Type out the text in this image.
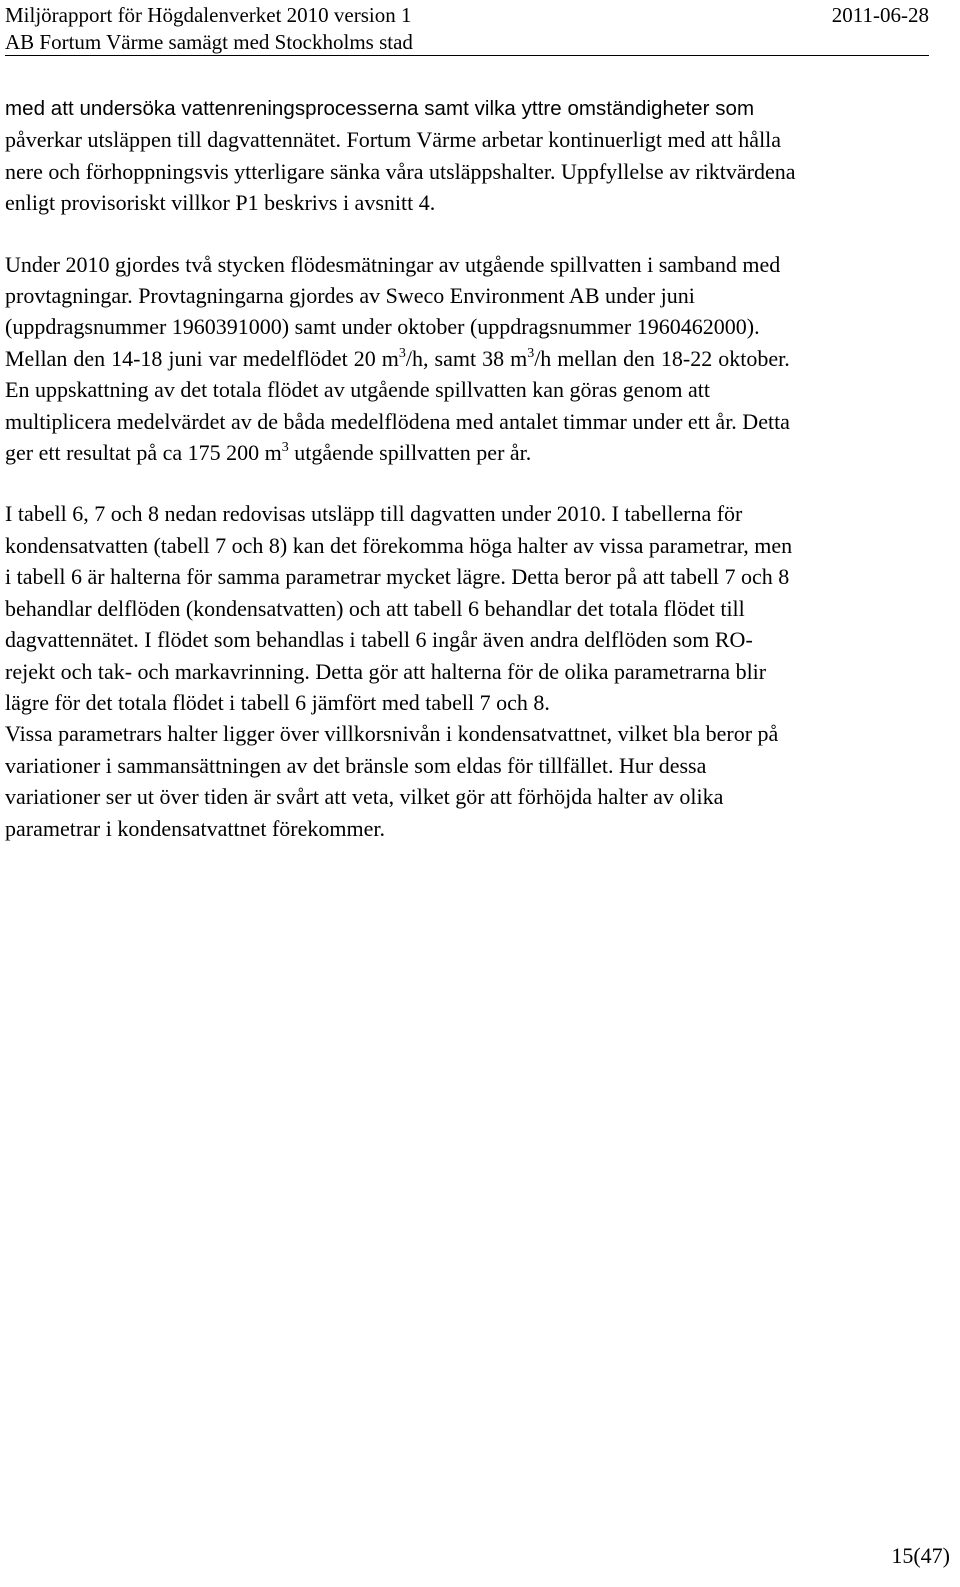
Miljörapport för Högdalenverket 2010 version 1	2011-06-28
AB Fortum Värme samägt med Stockholms stad

med att undersöka vattenreningsprocesserna samt vilka yttre omständigheter som
påverkar utsläppen till dagvattennätet. Fortum Värme arbetar kontinuerligt med att hålla
nere och förhoppningsvis ytterligare sänka våra utsläppshalter. Uppfyllelse av riktvärdena
enligt provisoriskt villkor P1 beskrivs i avsnitt 4.

Under 2010 gjordes två stycken flödesmätningar av utgående spillvatten i samband med
provtagningar. Provtagningarna gjordes av Sweco Environment AB under juni
(uppdragsnummer 1960391000) samt under oktober (uppdragsnummer 1960462000).
Mellan den 14-18 juni var medelflödet 20 $m^3/h$, samt 38 $m^3/h$ mellan den 18-22 oktober.
En uppskattning av det totala flödet av utgående spillvatten kan göras genom att
multiplicera medelvärdet av de båda medelflödena med antalet timmar under ett år. Detta
ger ett resultat på ca 175 200 $m^3$ utgående spillvatten per år.

I tabell 6, 7 och 8 nedan redovisas utsläpp till dagvatten under 2010. I tabellerna för
kondensatvatten (tabell 7 och 8) kan det förekomma höga halter av vissa parametrar, men
i tabell 6 är halterna för samma parametrar mycket lägre. Detta beror på att tabell 7 och 8
behandlar delflöden (kondensatvatten) och att tabell 6 behandlar det totala flödet till
dagvattennätet. I flödet som behandlas i tabell 6 ingår även andra delflöden som RO-
rejekt och tak- och markavrinning. Detta gör att halterna för de olika parametrarna blir
lägre för det totala flödet i tabell 6 jämfört med tabell 7 och 8.
Vissa parametrars halter ligger över villkorsnivån i kondensatvattnet, vilket bla beror på
variationer i sammansättningen av det bränsle som eldas för tillfället. Hur dessa
variationer ser ut över tiden är svårt att veta, vilket gör att förhöjda halter av olika
parametrar i kondensatvattnet förekommer.

15(47)
